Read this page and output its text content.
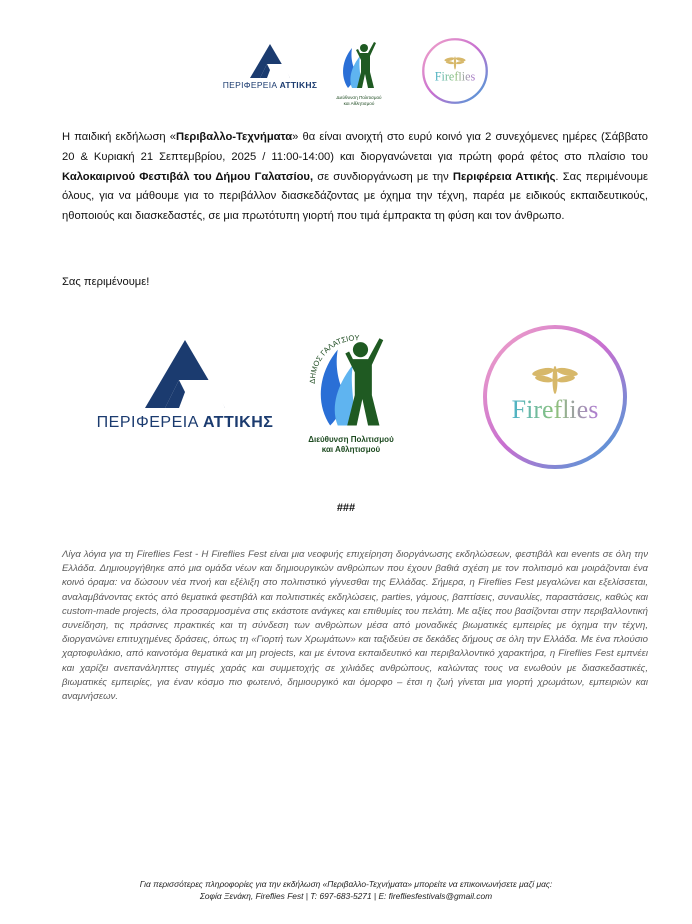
ΠΕΡΙΦΕΡΕΙΑ ΑΤΤΙΚΗΣ
Διεύθυνση Πολιτισμού
και Αθλητισμού
Fireflies
Η παιδική εκδήλωση «Περιβαλλο-Τεχνήματα» θα είναι ανοιχτή στο ευρύ κοινό για 2 συνεχόμενες ημέρες (Σάββατο 20 & Κυριακή 21 Σεπτεμβρίου, 2025 / 11:00-14:00) και διοργανώνεται για πρώτη φορά φέτος στο πλαίσιο του Καλοκαιρινού Φεστιβάλ του Δήμου Γαλατσίου, σε συνδιοργάνωση με την Περιφέρεια Αττικής. Σας περιμένουμε όλους, για να μάθουμε για το περιβάλλον διασκεδάζοντας με όχημα την τέχνη, παρέα με ειδικούς εκπαιδευτικούς, ηθοποιούς και διασκεδαστές, σε μια πρωτότυπη γιορτή που τιμά έμπρακτα τη φύση και τον άνθρωπο.
Σας περιμένουμε!
ΠΕΡΙΦΕΡΕΙΑ ΑΤΤΙΚΗΣ
ΔΗΜΟΣ ΓΑΛΑΤΣΙΟΥ
Διεύθυνση Πολιτισμού
και Αθλητισμού
Fireflies
###
Λίγα λόγια για τη Fireflies Fest - Η Fireflies Fest είναι μια νεοφυής επιχείρηση διοργάνωσης εκδηλώσεων, φεστιβάλ και events σε όλη την Ελλάδα. Δημιουργήθηκε από μια ομάδα νέων και δημιουργικών ανθρώπων που έχουν βαθιά σχέση με τον πολιτισμό και μοιράζονται ένα κοινό όραμα: να δώσουν νέα πνοή και εξέλιξη στο πολιτιστικό γίγνεσθαι της Ελλάδας. Σήμερα, η Fireflies Fest μεγαλώνει και εξελίσσεται, αναλαμβάνοντας εκτός από θεματικά φεστιβάλ και πολιτιστικές εκδηλώσεις, parties, γάμους, βαπτίσεις, συναυλίες, παραστάσεις, καθώς και custom-made projects, όλα προσαρμοσμένα στις εκάστοτε ανάγκες και επιθυμίες του πελάτη. Με αξίες που βασίζονται στην περιβαλλοντική συνείδηση, τις πράσινες πρακτικές και τη σύνδεση των ανθρώπων μέσα από μοναδικές βιωματικές εμπειρίες με όχημα την τέχνη, διοργανώνει επιτυχημένες δράσεις, όπως τη «Γιορτή των Χρωμάτων» και ταξιδεύει σε δεκάδες δήμους σε όλη την Ελλάδα. Με ένα πλούσιο χαρτοφυλάκιο, από καινοτόμα θεματικά και μη projects, και με έντονα εκπαιδευτικό και περιβαλλοντικό χαρακτήρα, η Fireflies Fest εμπνέει και χαρίζει ανεπανάληπτες στιγμές χαράς και συμμετοχής σε χιλιάδες ανθρώπους, καλώντας τους να ενωθούν με διασκεδαστικές, βιωματικές εμπειρίες, για έναν κόσμο πιο φωτεινό, δημιουργικό και όμορφο – έτσι η ζωή γίνεται μια γιορτή χρωμάτων, εμπειριών και αναμνήσεων.
Για περισσότερες πληροφορίες για την εκδήλωση «Περιβαλλο-Τεχνήματα» μπορείτε να επικοινωνήσετε μαζί μας:
Σοφία Ξενάκη, Fireflies Fest | T: 697-683-5271 | E: firefliesfestivals@gmail.com
